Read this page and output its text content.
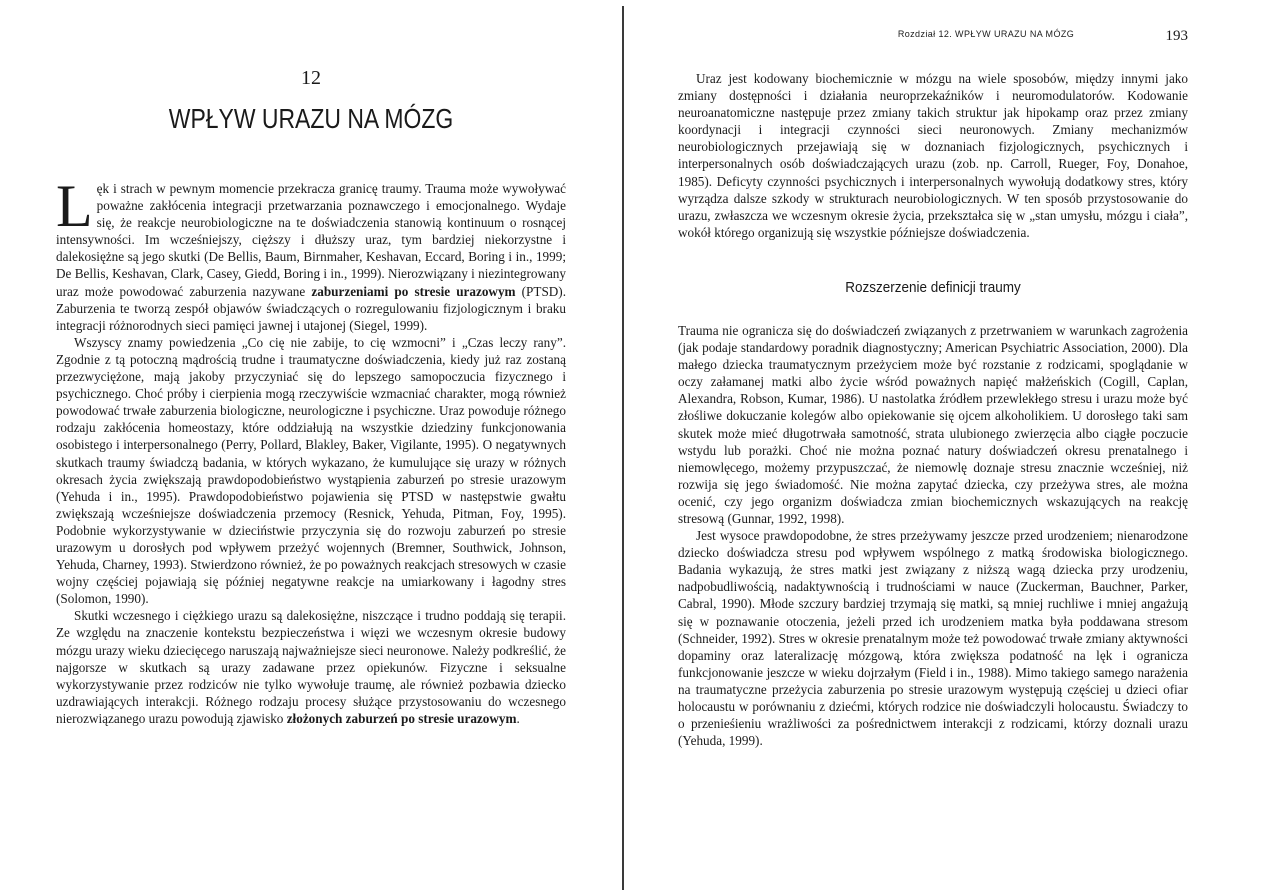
12
WPŁYW URAZU NA MÓZG

Lęk i strach w pewnym momencie przekracza granicę traumy. Trauma może wywoływać poważne zakłócenia integracji przetwarzania poznawczego i emocjonalnego. Wydaje się, że reakcje neurobiologiczne na te doświadczenia stanowią kontinuum o rosnącej intensywności. Im wcześniejszy, cięższy i dłuższy uraz, tym bardziej niekorzystne i dalekosiężne są jego skutki (De Bellis, Baum, Birnmaher, Keshavan, Eccard, Boring i in., 1999; De Bellis, Keshavan, Clark, Casey, Giedd, Boring i in., 1999). Nierozwiązany i niezintegrowany uraz może powodować zaburzenia nazywane zaburzeniami po stresie urazowym (PTSD). Zaburzenia te tworzą zespół objawów świadczących o rozregulowaniu fizjologicznym i braku integracji różnorodnych sieci pamięci jawnej i utajonej (Siegel, 1999).

Wszyscy znamy powiedzenia „Co cię nie zabije, to cię wzmocni” i „Czas leczy rany”. Zgodnie z tą potoczną mądrością trudne i traumatyczne doświadczenia, kiedy już raz zostaną przezwyciężone, mają jakoby przyczyniać się do lepszego samopoczucia fizycznego i psychicznego. Choć próby i cierpienia mogą rzeczywiście wzmacniać charakter, mogą również powodować trwałe zaburzenia biologiczne, neurologiczne i psychiczne. Uraz powoduje różnego rodzaju zakłócenia homeostazy, które oddziałują na wszystkie dziedziny funkcjonowania osobistego i interpersonalnego (Perry, Pollard, Blakley, Baker, Vigilante, 1995). O negatywnych skutkach traumy świadczą badania, w których wykazano, że kumulujące się urazy w różnych okresach życia zwiększają prawdopodobieństwo wystąpienia zaburzeń po stresie urazowym (Yehuda i in., 1995). Prawdopodobieństwo pojawienia się PTSD w następstwie gwałtu zwiększają wcześniejsze doświadczenia przemocy (Resnick, Yehuda, Pitman, Foy, 1995). Podobnie wykorzystywanie w dzieciństwie przyczynia się do rozwoju zaburzeń po stresie urazowym u dorosłych pod wpływem przeżyć wojennych (Bremner, Southwick, Johnson, Yehuda, Charney, 1993). Stwierdzono również, że po poważnych reakcjach stresowych w czasie wojny częściej pojawiają się później negatywne reakcje na umiarkowany i łagodny stres (Solomon, 1990).

Skutki wczesnego i ciężkiego urazu są dalekosiężne, niszczące i trudno poddają się terapii. Ze względu na znaczenie kontekstu bezpieczeństwa i więzi we wczesnym okresie budowy mózgu urazy wieku dziecięcego naruszają najważniejsze sieci neuronowe. Należy podkreślić, że najgorsze w skutkach są urazy zadawane przez opiekunów. Fizyczne i seksualne wykorzystywanie przez rodziców nie tylko wywołuje traumę, ale również pozbawia dziecko uzdrawiających interakcji. Różnego rodzaju procesy służące przystosowaniu do wczesnego nierozwiązanego urazu powodują zjawisko złożonych zaburzeń po stresie urazowym.

Rozdział 12. WPŁYW URAZU NA MÓZG	193

Uraz jest kodowany biochemicznie w mózgu na wiele sposobów, między innymi jako zmiany dostępności i działania neuroprzekaźników i neuromodulatorów. Kodowanie neuroanatomiczne następuje przez zmiany takich struktur jak hipokamp oraz przez zmiany koordynacji i integracji czynności sieci neuronowych. Zmiany mechanizmów neurobiologicznych przejawiają się w doznaniach fizjologicznych, psychicznych i interpersonalnych osób doświadczających urazu (zob. np. Carroll, Rueger, Foy, Donahoe, 1985). Deficyty czynności psychicznych i interpersonalnych wywołują dodatkowy stres, który wyrządza dalsze szkody w strukturach neurobiologicznych. W ten sposób przystosowanie do urazu, zwłaszcza we wczesnym okresie życia, przekształca się w „stan umysłu, mózgu i ciała”, wokół którego organizują się wszystkie późniejsze doświadczenia.

Rozszerzenie definicji traumy

Trauma nie ogranicza się do doświadczeń związanych z przetrwaniem w warunkach zagrożenia (jak podaje standardowy poradnik diagnostyczny; American Psychiatric Association, 2000). Dla małego dziecka traumatycznym przeżyciem może być rozstanie z rodzicami, spoglądanie w oczy załamanej matki albo życie wśród poważnych napięć małżeńskich (Cogill, Caplan, Alexandra, Robson, Kumar, 1986). U nastolatka źródłem przewlekłego stresu i urazu może być złośliwe dokuczanie kolegów albo opiekowanie się ojcem alkoholikiem. U dorosłego taki sam skutek może mieć długotrwała samotność, strata ulubionego zwierzęcia albo ciągłe poczucie wstydu lub porażki. Choć nie można poznać natury doświadczeń okresu prenatalnego i niemowlęcego, możemy przypuszczać, że niemowlę doznaje stresu znacznie wcześniej, niż rozwija się jego świadomość. Nie można zapytać dziecka, czy przeżywa stres, ale można ocenić, czy jego organizm doświadcza zmian biochemicznych wskazujących na reakcję stresową (Gunnar, 1992, 1998).

Jest wysoce prawdopodobne, że stres przeżywamy jeszcze przed urodzeniem; nienarodzone dziecko doświadcza stresu pod wpływem wspólnego z matką środowiska biologicznego. Badania wykazują, że stres matki jest związany z niższą wagą dziecka przy urodzeniu, nadpobudliwością, nadaktywnością i trudnościami w nauce (Zuckerman, Bauchner, Parker, Cabral, 1990). Młode szczury bardziej trzymają się matki, są mniej ruchliwe i mniej angażują się w poznawanie otoczenia, jeżeli przed ich urodzeniem matka była poddawana stresom (Schneider, 1992). Stres w okresie prenatalnym może też powodować trwałe zmiany aktywności dopaminy oraz lateralizację mózgową, która zwiększa podatność na lęk i ogranicza funkcjonowanie jeszcze w wieku dojrzałym (Field i in., 1988). Mimo takiego samego narażenia na traumatyczne przeżycia zaburzenia po stresie urazowym występują częściej u dzieci ofiar holocaustu w porównaniu z dziećmi, których rodzice nie doświadczyli holocaustu. Świadczy to o przenieśieniu wrażliwości za pośrednictwem interakcji z rodzicami, którzy doznali urazu (Yehuda, 1999).
